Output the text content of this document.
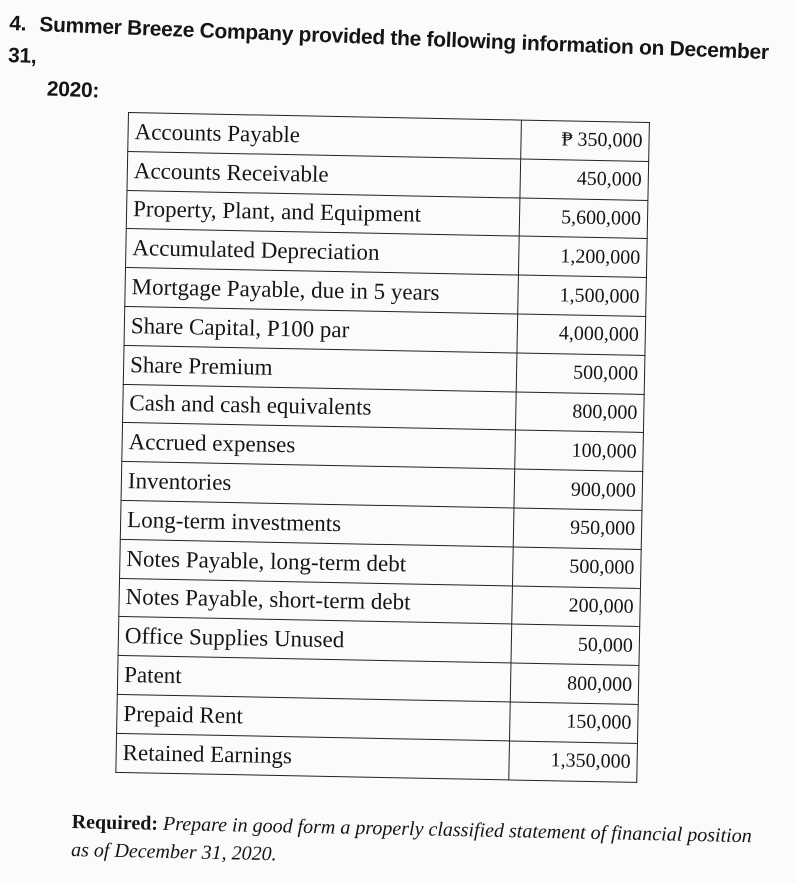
4. Summer Breeze Company provided the following information on December 31,
2020:
Accounts Payable	₱ 350,000
Accounts Receivable	450,000
Property, Plant, and Equipment	5,600,000
Accumulated Depreciation	1,200,000
Mortgage Payable, due in 5 years	1,500,000
Share Capital, P100 par	4,000,000
Share Premium	500,000
Cash and cash equivalents	800,000
Accrued expenses	100,000
Inventories	900,000
Long-term investments	950,000
Notes Payable, long-term debt	500,000
Notes Payable, short-term debt	200,000
Office Supplies Unused	50,000
Patent	800,000
Prepaid Rent	150,000
Retained Earnings	1,350,000
Required: Prepare in good form a properly classified statement of financial position as of December 31, 2020.
